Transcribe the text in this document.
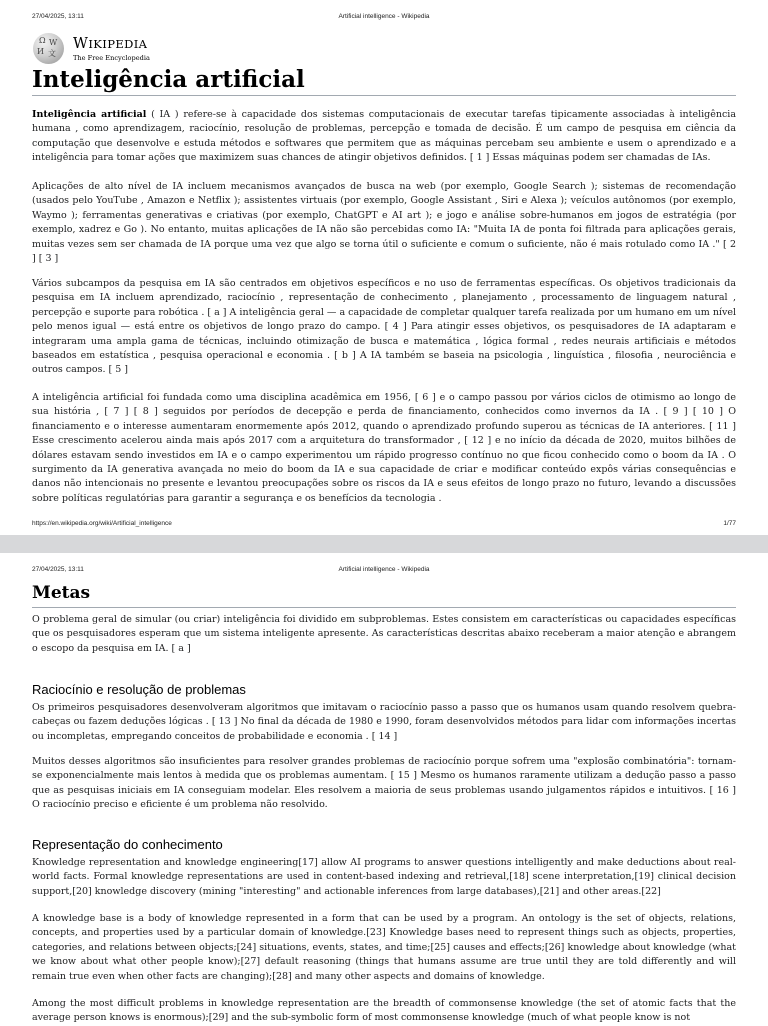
27/04/2025, 13:11	Artificial intelligence - Wikipedia
Ω W
И 文
WIKIPEDIA
The Free Encyclopedia
Inteligência artificial
Inteligência artificial ( IA ) refere-se à capacidade dos sistemas computacionais de executar tarefas tipicamente associadas à inteligência humana , como aprendizagem, raciocínio, resolução de problemas, percepção e tomada de decisão. É um campo de pesquisa em ciência da computação que desenvolve e estuda métodos e softwares que permitem que as máquinas percebam seu ambiente e usem o aprendizado e a inteligência para tomar ações que maximizem suas chances de atingir objetivos definidos. [ 1 ] Essas máquinas podem ser chamadas de IAs.
Aplicações de alto nível de IA incluem mecanismos avançados de busca na web (por exemplo, Google Search ); sistemas de recomendação (usados pelo YouTube , Amazon e Netflix ); assistentes virtuais (por exemplo, Google Assistant , Siri e Alexa ); veículos autônomos (por exemplo, Waymo ); ferramentas generativas e criativas (por exemplo, ChatGPT e AI art ); e jogo e análise sobre-humanos em jogos de estratégia (por exemplo, xadrez e Go ). No entanto, muitas aplicações de IA não são percebidas como IA: "Muita IA de ponta foi filtrada para aplicações gerais, muitas vezes sem ser chamada de IA porque uma vez que algo se torna útil o suficiente e comum o suficiente, não é mais rotulado como IA ." [ 2 ] [ 3 ]
Vários subcampos da pesquisa em IA são centrados em objetivos específicos e no uso de ferramentas específicas. Os objetivos tradicionais da pesquisa em IA incluem aprendizado, raciocínio , representação de conhecimento , planejamento , processamento de linguagem natural , percepção e suporte para robótica . [ a ] A inteligência geral — a capacidade de completar qualquer tarefa realizada por um humano em um nível pelo menos igual — está entre os objetivos de longo prazo do campo. [ 4 ] Para atingir esses objetivos, os pesquisadores de IA adaptaram e integraram uma ampla gama de técnicas, incluindo otimização de busca e matemática , lógica formal , redes neurais artificiais e métodos baseados em estatística , pesquisa operacional e economia . [ b ] A IA também se baseia na psicologia , linguística , filosofia , neurociência e outros campos. [ 5 ]
A inteligência artificial foi fundada como uma disciplina acadêmica em 1956, [ 6 ] e o campo passou por vários ciclos de otimismo ao longo de sua história , [ 7 ] [ 8 ] seguidos por períodos de decepção e perda de financiamento, conhecidos como invernos da IA . [ 9 ] [ 10 ] O financiamento e o interesse aumentaram enormemente após 2012, quando o aprendizado profundo superou as técnicas de IA anteriores. [ 11 ] Esse crescimento acelerou ainda mais após 2017 com a arquitetura do transformador , [ 12 ] e no início da década de 2020, muitos bilhões de dólares estavam sendo investidos em IA e o campo experimentou um rápido progresso contínuo no que ficou conhecido como o boom da IA . O surgimento da IA generativa avançada no meio do boom da IA e sua capacidade de criar e modificar conteúdo expôs várias consequências e danos não intencionais no presente e levantou preocupações sobre os riscos da IA e seus efeitos de longo prazo no futuro, levando a discussões sobre políticas regulatórias para garantir a segurança e os benefícios da tecnologia .
https://en.wikipedia.org/wiki/Artificial_intelligence	1/77
27/04/2025, 13:11	Artificial intelligence - Wikipedia
Metas
O problema geral de simular (ou criar) inteligência foi dividido em subproblemas. Estes consistem em características ou capacidades específicas que os pesquisadores esperam que um sistema inteligente apresente. As características descritas abaixo receberam a maior atenção e abrangem o escopo da pesquisa em IA. [ a ]
Raciocínio e resolução de problemas
Os primeiros pesquisadores desenvolveram algoritmos que imitavam o raciocínio passo a passo que os humanos usam quando resolvem quebra-cabeças ou fazem deduções lógicas . [ 13 ] No final da década de 1980 e 1990, foram desenvolvidos métodos para lidar com informações incertas ou incompletas, empregando conceitos de probabilidade e economia . [ 14 ]
Muitos desses algoritmos são insuficientes para resolver grandes problemas de raciocínio porque sofrem uma "explosão combinatória": tornam-se exponencialmente mais lentos à medida que os problemas aumentam. [ 15 ] Mesmo os humanos raramente utilizam a dedução passo a passo que as pesquisas iniciais em IA conseguiam modelar. Eles resolvem a maioria de seus problemas usando julgamentos rápidos e intuitivos. [ 16 ] O raciocínio preciso e eficiente é um problema não resolvido.
Representação do conhecimento
Knowledge representation and knowledge engineering[17] allow AI programs to answer questions intelligently and make deductions about real-world facts. Formal knowledge representations are used in content-based indexing and retrieval,[18] scene interpretation,[19] clinical decision support,[20] knowledge discovery (mining "interesting" and actionable inferences from large databases),[21] and other areas.[22]
A knowledge base is a body of knowledge represented in a form that can be used by a program. An ontology is the set of objects, relations, concepts, and properties used by a particular domain of knowledge.[23] Knowledge bases need to represent things such as objects, properties, categories, and relations between objects;[24] situations, events, states, and time;[25] causes and effects;[26] knowledge about knowledge (what we know about what other people know);[27] default reasoning (things that humans assume are true until they are told differently and will remain true even when other facts are changing);[28] and many other aspects and domains of knowledge.
Among the most difficult problems in knowledge representation are the breadth of commonsense knowledge (the set of atomic facts that the average person knows is enormous);[29] and the sub-symbolic form of most commonsense knowledge (much of what people know is not
